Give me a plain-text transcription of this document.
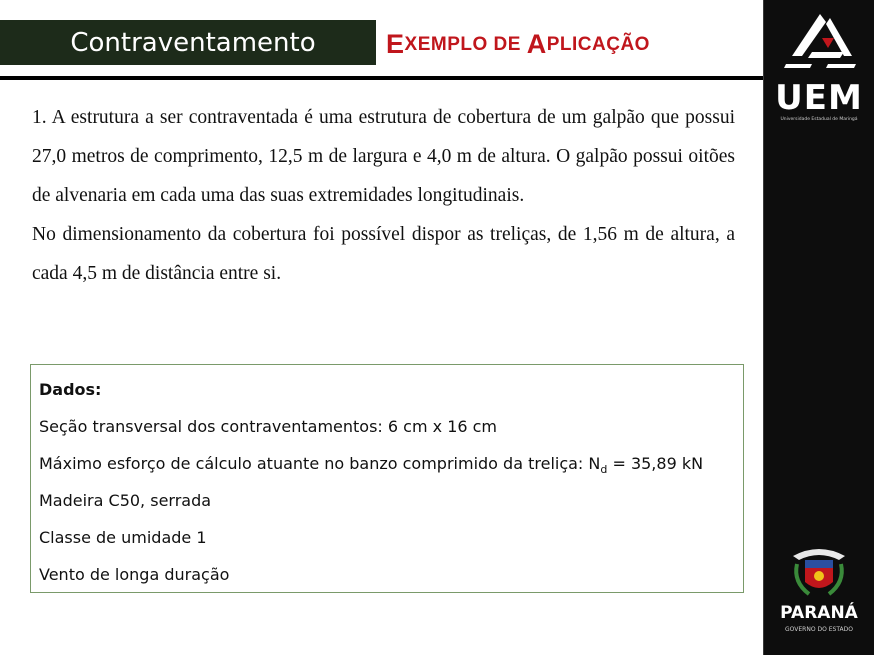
Contraventamento	E XEMPLO
DE
A PLICAÇÃO
UEM
Universidade Estadual de Maringá
PARANÁ
GOVERNO DO ESTADO

1. A estrutura a ser contraventada é uma estrutura de cobertura de um galpão que possui 27,0 metros de comprimento, 12,5 m de largura e 4,0 m de altura. O galpão possui oitões de alvenaria em cada uma das suas extremidades longitudinais.

No dimensionamento da cobertura foi possível dispor as treliças, de 1,56 m de altura, a cada 4,5 m de distância entre si.

Dados:
Seção transversal dos contraventamentos: 6 cm x 16 cm
Máximo esforço de cálculo atuante no banzo comprimido da treliça: $N_d = 35,89$ kN
Madeira C50, serrada
Classe de umidade 1
Vento de longa duração
